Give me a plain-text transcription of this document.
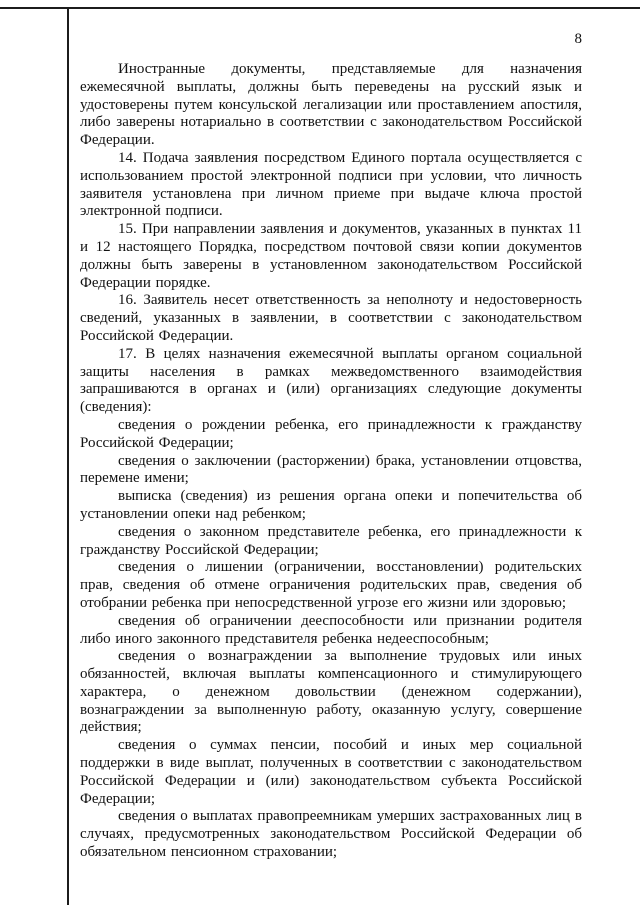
8

Иностранные документы, представляемые для назначения ежемесячной выплаты, должны быть переведены на русский язык и удостоверены путем консульской легализации или проставлением апостиля, либо заверены нотариально в соответствии с законодательством Российской Федерации.

14. Подача заявления посредством Единого портала осуществляется с использованием простой электронной подписи при условии, что личность заявителя установлена при личном приеме при выдаче ключа простой электронной подписи.

15. При направлении заявления и документов, указанных в пунктах 11 и 12 настоящего Порядка, посредством почтовой связи копии документов должны быть заверены в установленном законодательством Российской Федерации порядке.

16. Заявитель несет ответственность за неполноту и недостоверность сведений, указанных в заявлении, в соответствии с законодательством Российской Федерации.

17. В целях назначения ежемесячной выплаты органом социальной защиты населения в рамках межведомственного взаимодействия запрашиваются в органах и (или) организациях следующие документы (сведения):

сведения о рождении ребенка, его принадлежности к гражданству Российской Федерации;

сведения о заключении (расторжении) брака, установлении отцовства, перемене имени;

выписка (сведения) из решения органа опеки и попечительства об установлении опеки над ребенком;

сведения о законном представителе ребенка, его принадлежности к гражданству Российской Федерации;

сведения о лишении (ограничении, восстановлении) родительских прав, сведения об отмене ограничения родительских прав, сведения об отобрании ребенка при непосредственной угрозе его жизни или здоровью;

сведения об ограничении дееспособности или признании родителя либо иного законного представителя ребенка недееспособным;

сведения о вознаграждении за выполнение трудовых или иных обязанностей, включая выплаты компенсационного и стимулирующего характера, о денежном довольствии (денежном содержании), вознаграждении за выполненную работу, оказанную услугу, совершение действия;

сведения о суммах пенсии, пособий и иных мер социальной поддержки в виде выплат, полученных в соответствии с законодательством Российской Федерации и (или) законодательством субъекта Российской Федерации;

сведения о выплатах правопреемникам умерших застрахованных лиц в случаях, предусмотренных законодательством Российской Федерации об обязательном пенсионном страховании;
